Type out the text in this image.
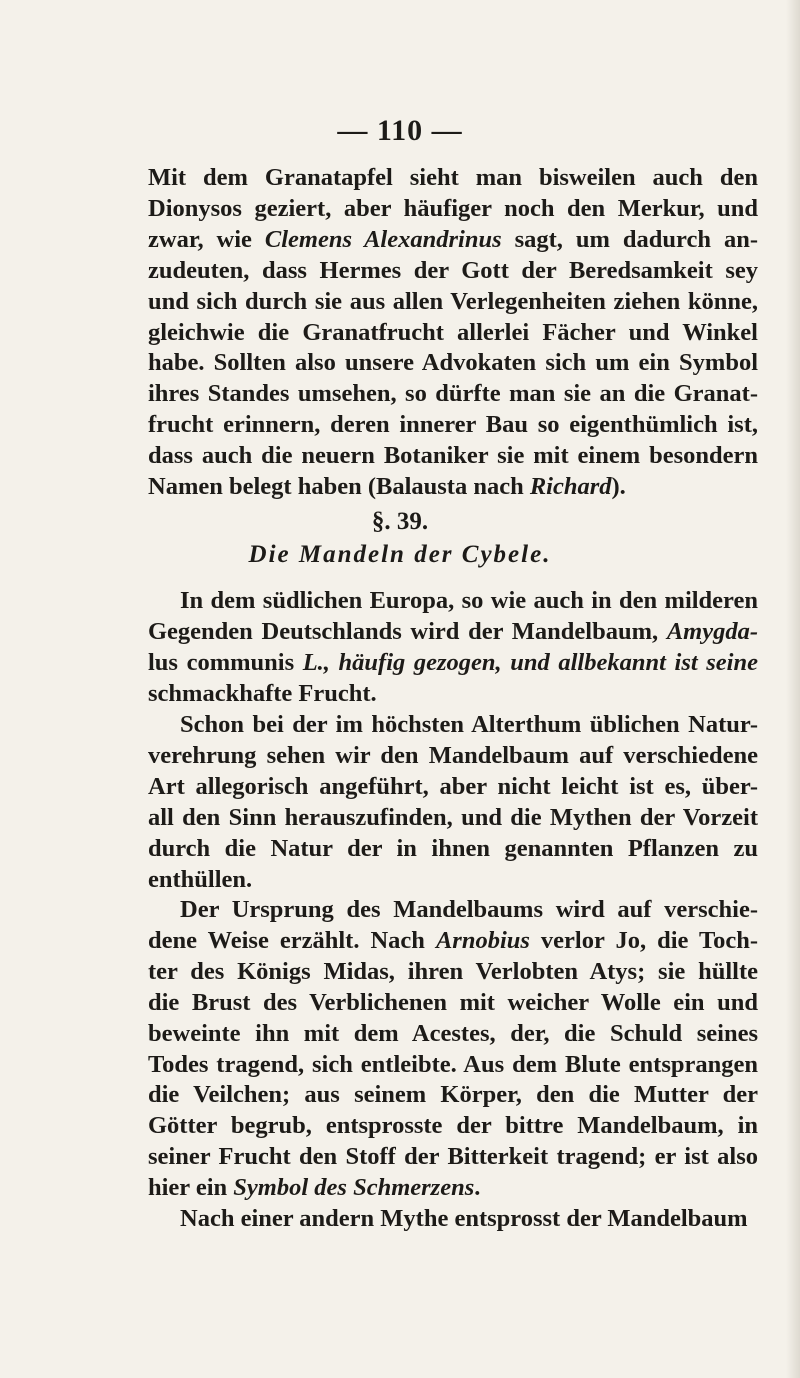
— 110 —
Mit dem Granatapfel sieht man bisweilen auch den
Dionysos geziert, aber häufiger noch den Merkur, und
zwar, wie Clemens Alexandrinus sagt, um dadurch an-
zudeuten, dass Hermes der Gott der Beredsamkeit sey
und sich durch sie aus allen Verlegenheiten ziehen könne,
gleichwie die Granatfrucht allerlei Fächer und Winkel
habe. Sollten also unsere Advokaten sich um ein Symbol
ihres Standes umsehen, so dürfte man sie an die Granat-
frucht erinnern, deren innerer Bau so eigenthümlich ist,
dass auch die neuern Botaniker sie mit einem besondern
Namen belegt haben (Balausta nach Richard).
§. 39.
Die Mandeln der Cybele.
In dem südlichen Europa, so wie auch in den milderen
Gegenden Deutschlands wird der Mandelbaum, Amygda-
lus communis L., häufig gezogen, und allbekannt ist seine
schmackhafte Frucht.
Schon bei der im höchsten Alterthum üblichen Natur-
verehrung sehen wir den Mandelbaum auf verschiedene
Art allegorisch angeführt, aber nicht leicht ist es, über-
all den Sinn herauszufinden, und die Mythen der Vorzeit
durch die Natur der in ihnen genannten Pflanzen zu
enthüllen.
Der Ursprung des Mandelbaums wird auf verschie-
dene Weise erzählt. Nach Arnobius verlor Jo, die Toch-
ter des Königs Midas, ihren Verlobten Atys; sie hüllte
die Brust des Verblichenen mit weicher Wolle ein und
beweinte ihn mit dem Acestes, der, die Schuld seines
Todes tragend, sich entleibte. Aus dem Blute entsprangen
die Veilchen; aus seinem Körper, den die Mutter der
Götter begrub, entsprosste der bittre Mandelbaum, in
seiner Frucht den Stoff der Bitterkeit tragend; er ist also
hier ein Symbol des Schmerzens.
Nach einer andern Mythe entsprosst der Mandelbaum
